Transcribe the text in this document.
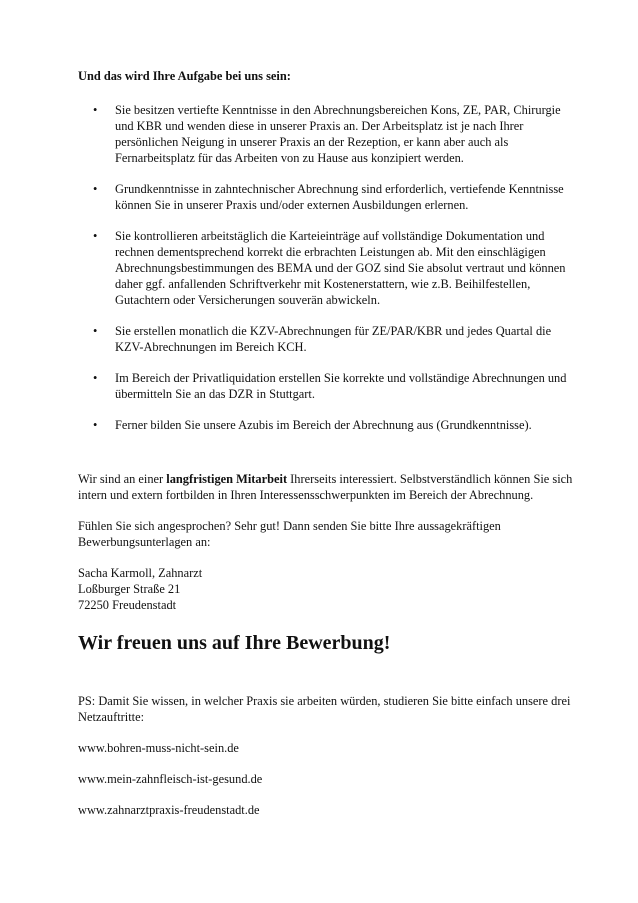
Und das wird Ihre Aufgabe bei uns sein:
• Sie besitzen vertiefte Kenntnisse in den Abrechnungsbereichen Kons, ZE, PAR, Chirurgie und KBR und wenden diese in unserer Praxis an. Der Arbeitsplatz ist je nach Ihrer persönlichen Neigung in unserer Praxis an der Rezeption, er kann aber auch als Fernarbeitsplatz für das Arbeiten von zu Hause aus konzipiert werden.
• Grundkenntnisse in zahntechnischer Abrechnung sind erforderlich, vertiefende Kenntnisse können Sie in unserer Praxis und/oder externen Ausbildungen erlernen.
• Sie kontrollieren arbeitstäglich die Karteieinträge auf vollständige Dokumentation und rechnen dementsprechend korrekt die erbrachten Leistungen ab. Mit den einschlägigen Abrechnungsbestimmungen des BEMA und der GOZ sind Sie absolut vertraut und können daher ggf. anfallenden Schriftverkehr mit Kostenerstattern, wie z.B. Beihilfestellen, Gutachtern oder Versicherungen souverän abwickeln.
• Sie erstellen monatlich die KZV-Abrechnungen für ZE/PAR/KBR und jedes Quartal die KZV-Abrechnungen im Bereich KCH.
• Im Bereich der Privatliquidation erstellen Sie korrekte und vollständige Abrechnungen und übermitteln Sie an das DZR in Stuttgart.
• Ferner bilden Sie unsere Azubis im Bereich der Abrechnung aus (Grundkenntnisse).

Wir sind an einer langfristigen Mitarbeit Ihrerseits interessiert. Selbstverständlich können Sie sich intern und extern fortbilden in Ihren Interessensschwerpunkten im Bereich der Abrechnung.

Fühlen Sie sich angesprochen? Sehr gut! Dann senden Sie bitte Ihre aussagekräftigen Bewerbungsunterlagen an:

Sacha Karmoll, Zahnarzt
Loßburger Straße 21
72250 Freudenstadt
Wir freuen uns auf Ihre Bewerbung!

PS: Damit Sie wissen, in welcher Praxis sie arbeiten würden, studieren Sie bitte einfach unsere drei Netzauftritte:

www.bohren-muss-nicht-sein.de
www.mein-zahnfleisch-ist-gesund.de
www.zahnarztpraxis-freudenstadt.de
